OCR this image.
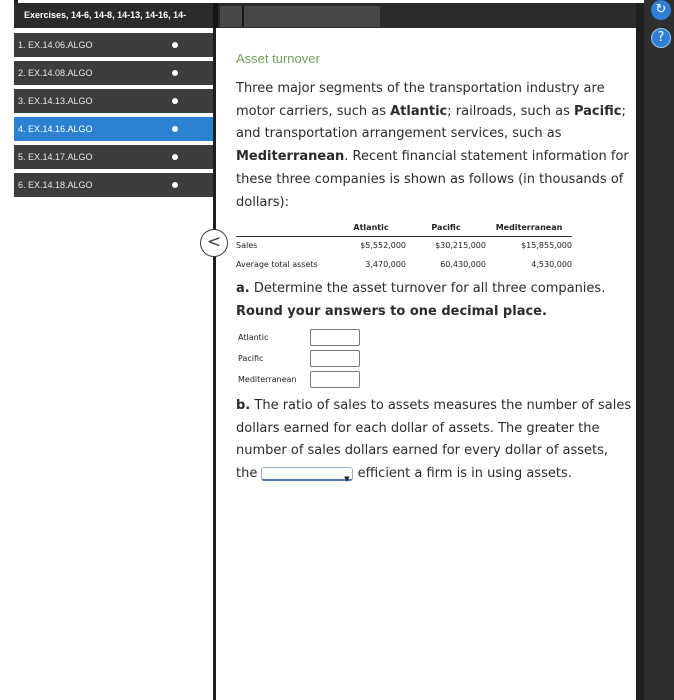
Exercises, 14-6, 14-8, 14-13, 14-16, 14-	↻
?
1. EX.14.06.ALGO
2. EX.14.08.ALGO
3. EX.14.13.ALGO
4. EX.14.16.ALGO
5. EX.14.17.ALGO
6. EX.14.18.ALGO
<
Asset turnover
Three major segments of the transportation industry are motor carriers, such as Atlantic; railroads, such as Pacific; and transportation arrangement services, such as Mediterranean. Recent financial statement information for these three companies is shown as follows (in thousands of dollars):
	Atlantic	Pacific	Mediterranean
Sales	$5,552,000	$30,215,000	$15,855,000
Average total assets	3,470,000	60,430,000	4,530,000
a. Determine the asset turnover for all three companies. Round your answers to one decimal place.
Atlantic
Pacific
Mediterranean
b. The ratio of sales to assets measures the number of sales dollars earned for each dollar of assets. The greater the number of sales dollars earned for every dollar of assets, the	▼ efficient a firm is in using assets.
